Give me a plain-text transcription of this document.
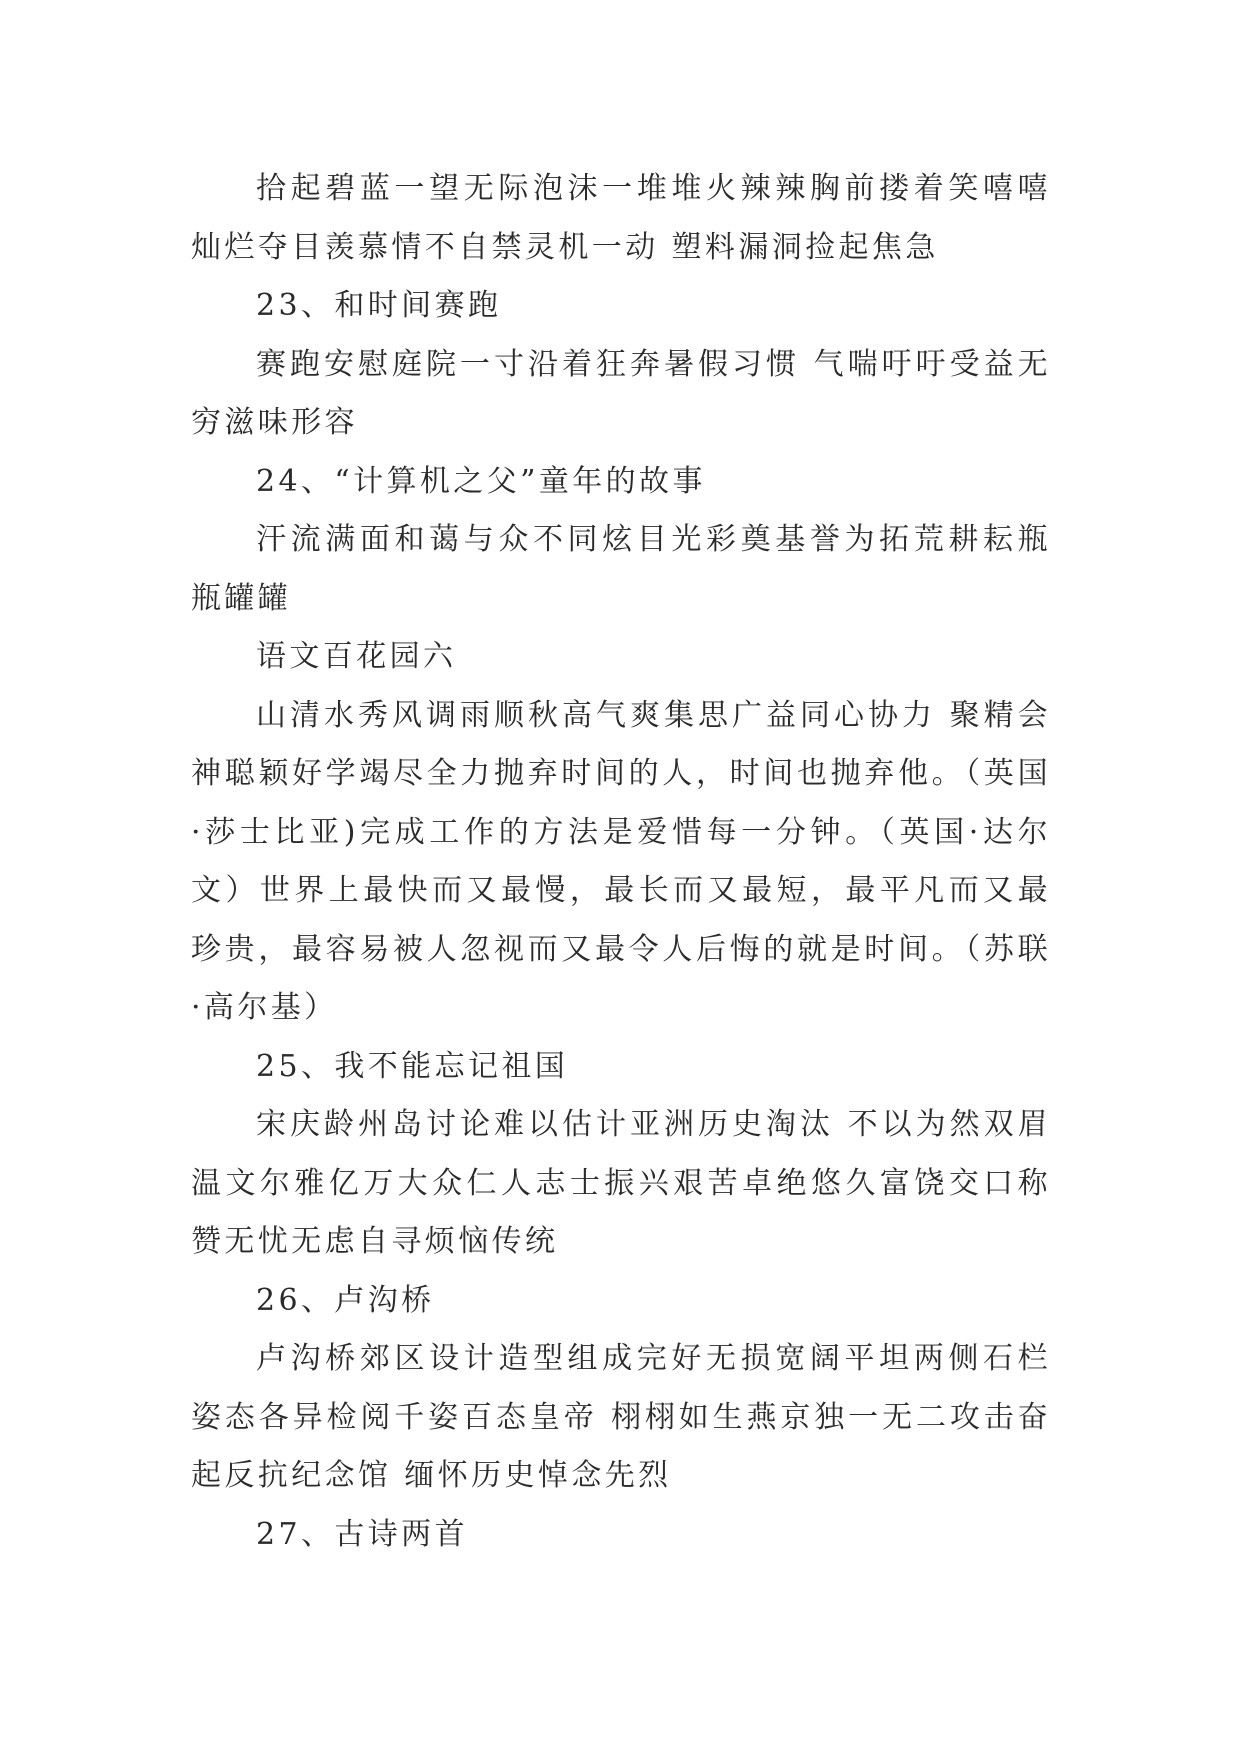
拾起碧蓝一望无际泡沫一堆堆火辣辣胸前搂着笑嘻嘻灿烂夺目羡慕情不自禁灵机一动 塑料漏洞捡起焦急

23、和时间赛跑

赛跑安慰庭院一寸沿着狂奔暑假习惯 气喘吁吁受益无穷滋味形容

24、“计算机之父”童年的故事

汗流满面和蔼与众不同炫目光彩奠基誉为拓荒耕耘瓶瓶罐罐

语文百花园六

山清水秀风调雨顺秋高气爽集思广益同心协力 聚精会神聪颖好学竭尽全力抛弃时间的人，时间也抛弃他。（英国·莎士比亚)完成工作的方法是爱惜每一分钟。（英国·达尔文）世界上最快而又最慢，最长而又最短，最平凡而又最珍贵，最容易被人忽视而又最令人后悔的就是时间。（苏联·高尔基）

25、我不能忘记祖国

宋庆龄州岛讨论难以估计亚洲历史淘汰 不以为然双眉温文尔雅亿万大众仁人志士振兴艰苦卓绝悠久富饶交口称赞无忧无虑自寻烦恼传统

26、卢沟桥

卢沟桥郊区设计造型组成完好无损宽阔平坦两侧石栏姿态各异检阅千姿百态皇帝 栩栩如生燕京独一无二攻击奋起反抗纪念馆 缅怀历史悼念先烈

27、古诗两首
